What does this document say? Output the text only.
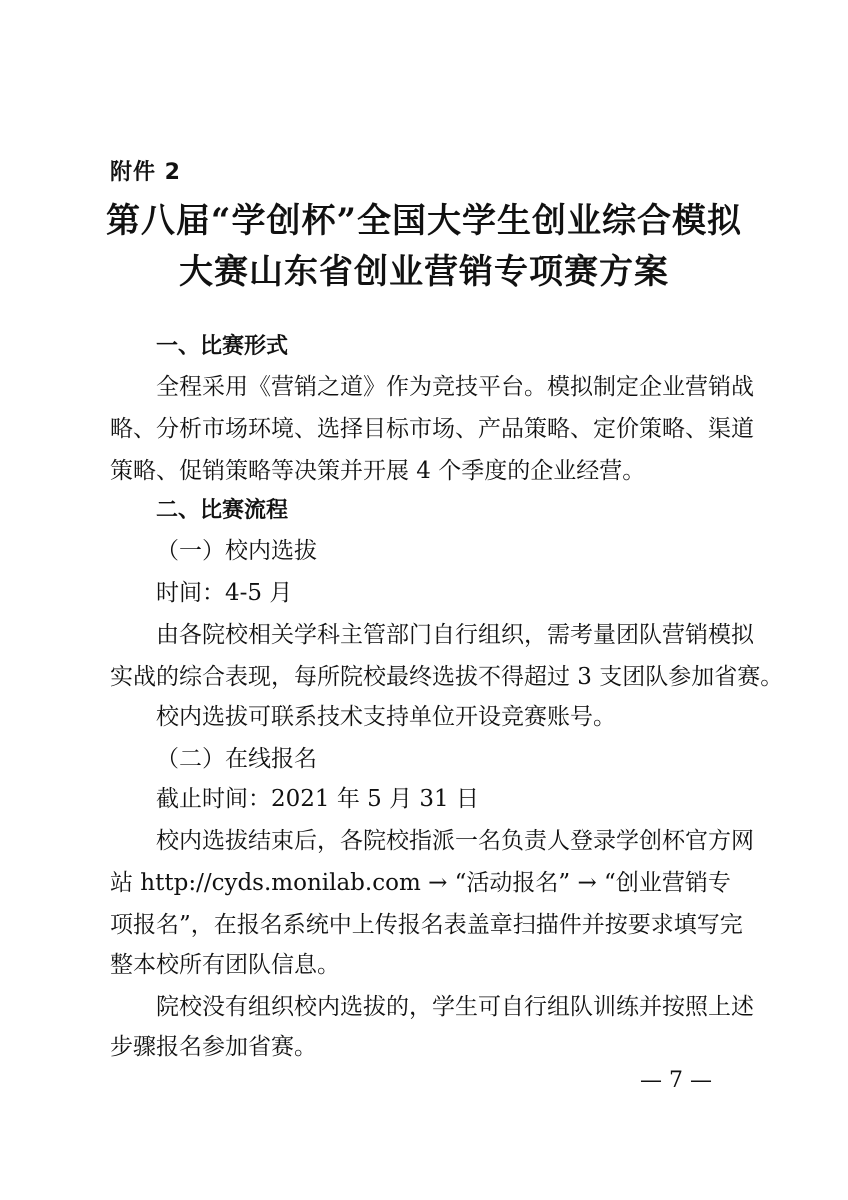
附件 2
第八届“学创杯”全国大学生创业综合模拟
大赛山东省创业营销专项赛方案
一、比赛形式
全程采用《营销之道》作为竞技平台。模拟制定企业营销战
略、分析市场环境、选择目标市场、产品策略、定价策略、渠道
策略、促销策略等决策并开展 4 个季度的企业经营。
二、比赛流程
（一）校内选拔
时间：4-5 月
由各院校相关学科主管部门自行组织，需考量团队营销模拟
实战的综合表现，每所院校最终选拔不得超过 3 支团队参加省赛。
校内选拔可联系技术支持单位开设竞赛账号。
（二）在线报名
截止时间：2021 年 5 月 31 日
校内选拔结束后，各院校指派一名负责人登录学创杯官方网
站 http://cyds.monilab.com → “活动报名” → “创业营销专
项报名”，在报名系统中上传报名表盖章扫描件并按要求填写完
整本校所有团队信息。
院校没有组织校内选拔的，学生可自行组队训练并按照上述
步骤报名参加省赛。
— 7 —
